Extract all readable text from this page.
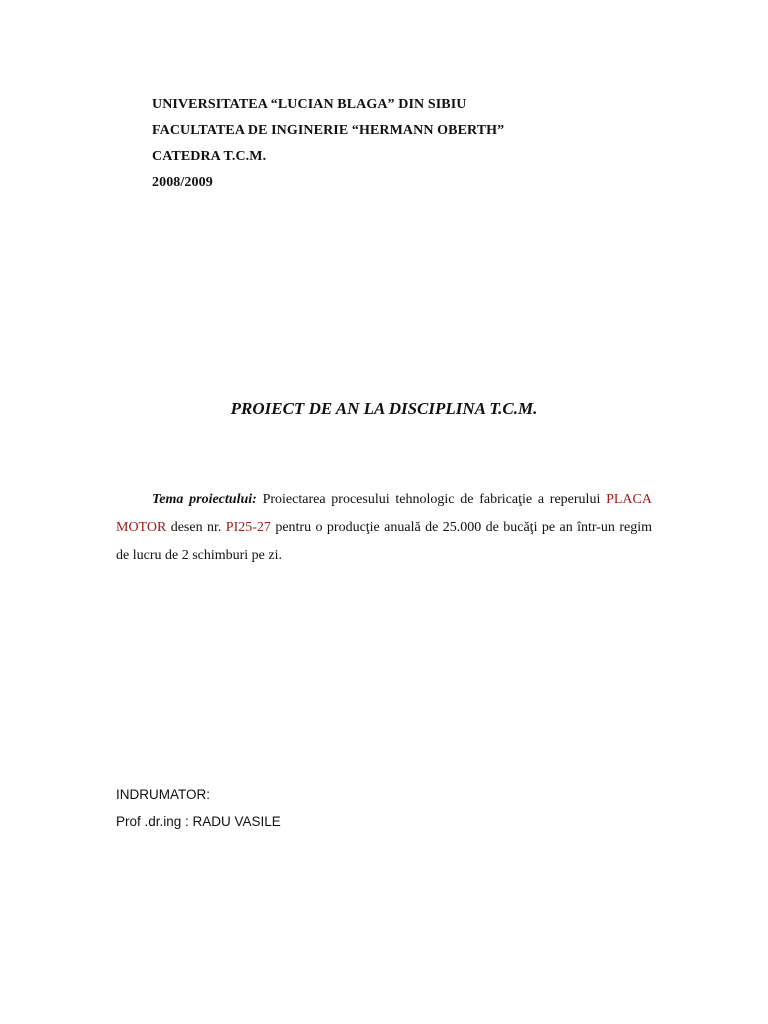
UNIVERSITATEA “LUCIAN BLAGA” DIN SIBIU
FACULTATEA DE INGINERIE “HERMANN OBERTH”
CATEDRA T.C.M.
2008/2009
PROIECT DE AN LA DISCIPLINA T.C.M.

Tema proiectului: Proiectarea procesului tehnologic de fabricaţie a reperului PLACA MOTOR desen nr. PI25-27 pentru o producţie anuală de 25.000 de bucăţi pe an într-un regim de lucru de 2 schimburi pe zi.

INDRUMATOR:
Prof .dr.ing : RADU VASILE
